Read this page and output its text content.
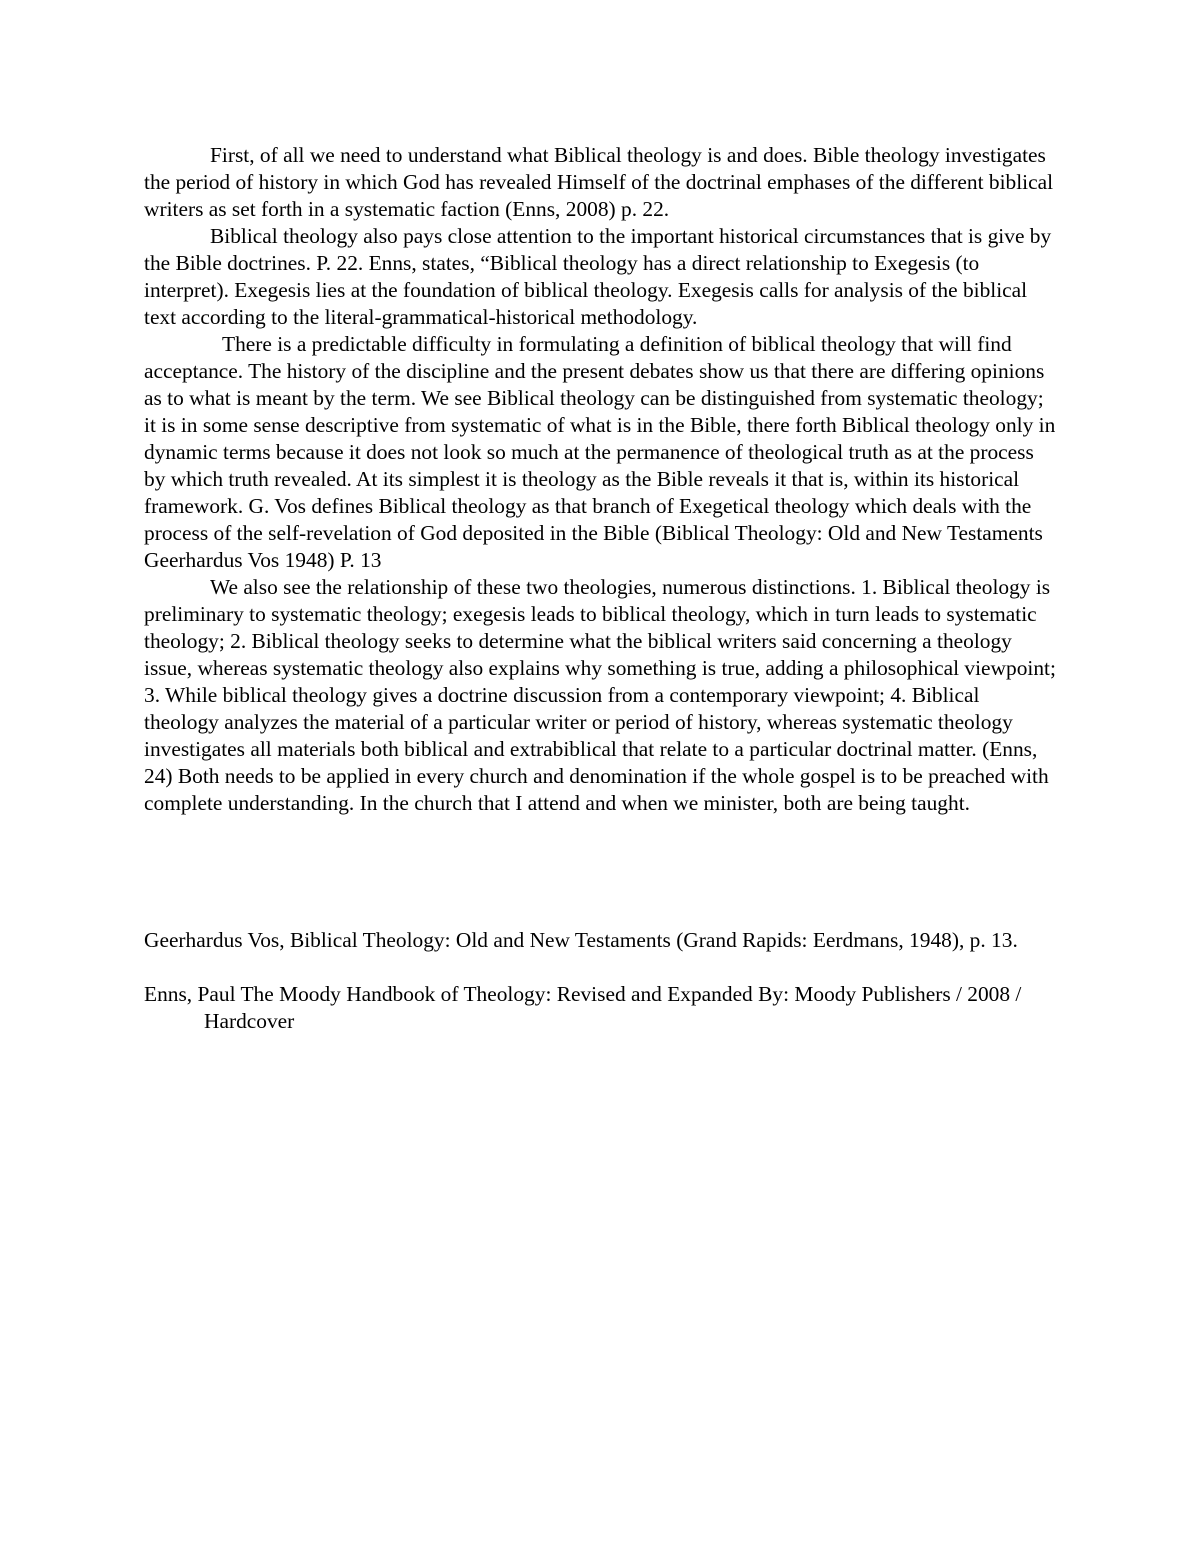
First, of all we need to understand what Biblical theology is and does. Bible theology investigates the period of history in which God has revealed Himself of the doctrinal emphases of the different biblical writers as set forth in a systematic faction (Enns, 2008) p. 22.

Biblical theology also pays close attention to the important historical circumstances that is give by the Bible doctrines. P. 22. Enns, states, “Biblical theology has a direct relationship to Exegesis (to interpret). Exegesis lies at the foundation of biblical theology. Exegesis calls for analysis of the biblical text according to the literal-grammatical-historical methodology.

There is a predictable difficulty in formulating a definition of biblical theology that will find acceptance. The history of the discipline and the present debates show us that there are differing opinions as to what is meant by the term. We see Biblical theology can be distinguished from systematic theology; it is in some sense descriptive from systematic of what is in the Bible, there forth Biblical theology only in dynamic terms because it does not look so much at the permanence of theological truth as at the process by which truth revealed. At its simplest it is theology as the Bible reveals it that is, within its historical framework. G. Vos defines Biblical theology as that branch of Exegetical theology which deals with the process of the self-revelation of God deposited in the Bible (Biblical Theology: Old and New Testaments Geerhardus Vos 1948) P. 13

We also see the relationship of these two theologies, numerous distinctions. 1. Biblical theology is preliminary to systematic theology; exegesis leads to biblical theology, which in turn leads to systematic theology; 2. Biblical theology seeks to determine what the biblical writers said concerning a theology issue, whereas systematic theology also explains why something is true, adding a philosophical viewpoint; 3. While biblical theology gives a doctrine discussion from a contemporary viewpoint; 4. Biblical theology analyzes the material of a particular writer or period of history, whereas systematic theology investigates all materials both biblical and extrabiblical that relate to a particular doctrinal matter. (Enns, 24) Both needs to be applied in every church and denomination if the whole gospel is to be preached with complete understanding. In the church that I attend and when we minister, both are being taught.

Geerhardus Vos, Biblical Theology: Old and New Testaments (Grand Rapids: Eerdmans, 1948), p. 13.

Enns, Paul The Moody Handbook of Theology: Revised and Expanded By: Moody Publishers / 2008 / Hardcover
